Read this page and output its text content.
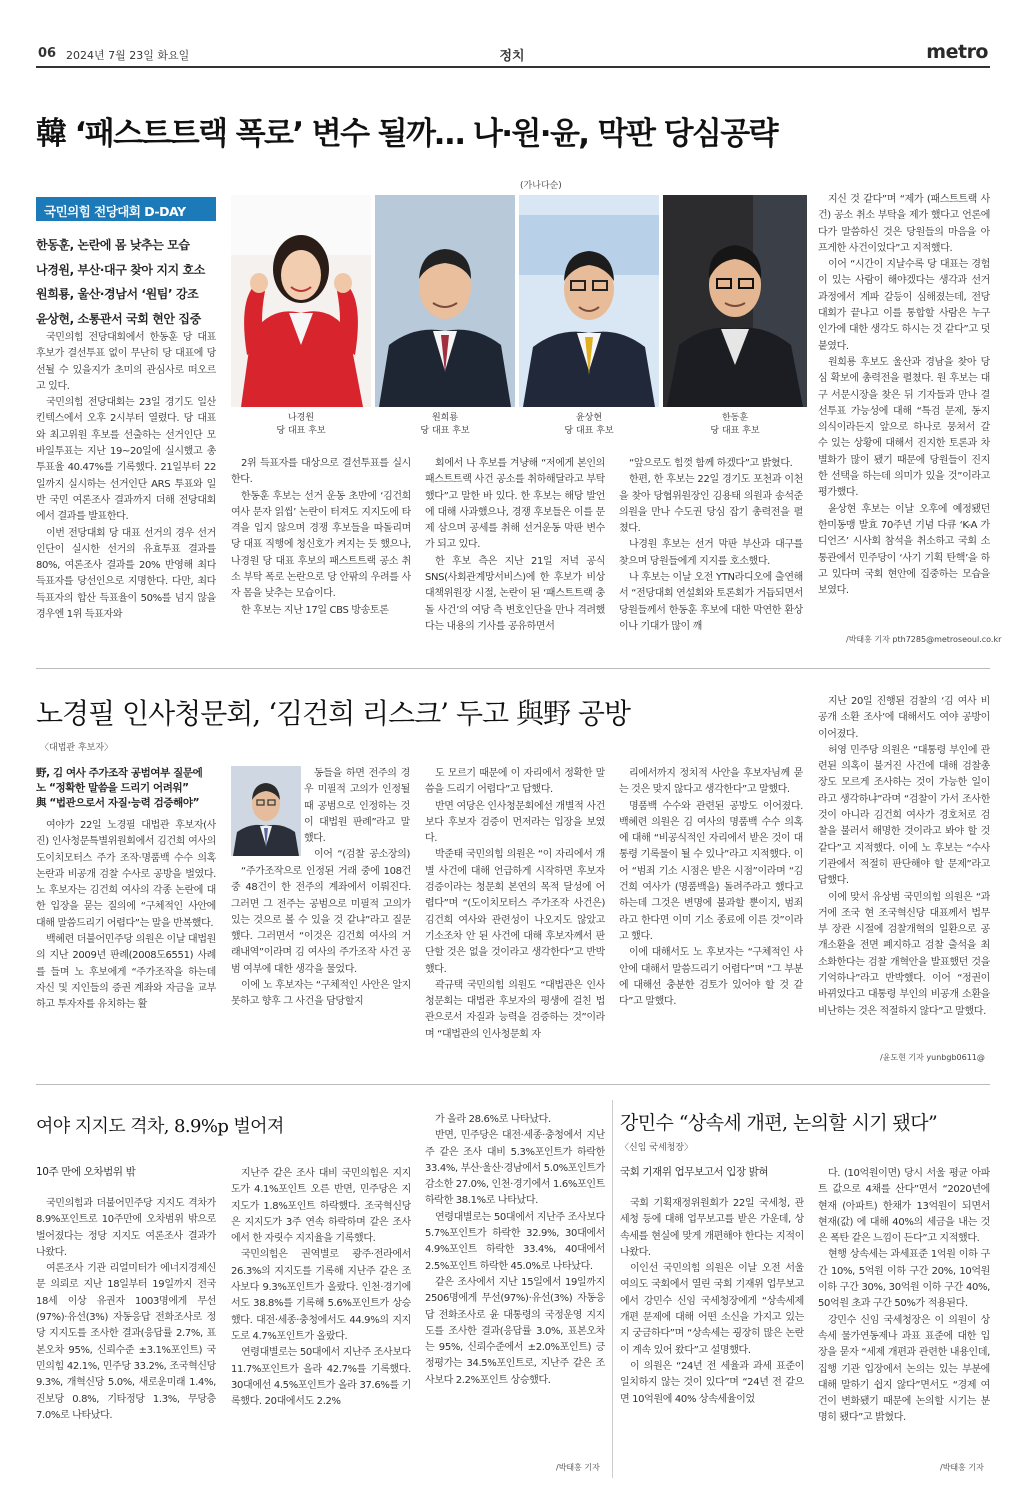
06 2024년 7월 23일 화요일	정치	metro
韓 ‘패스트트랙 폭로’ 변수 될까… 나·원·윤, 막판 당심공략
(가나다순)
국민의힘 전당대회 D-DAY
한동훈, 논란에 몸 낮추는 모습
나경원, 부산·대구 찾아 지지 호소
원희룡, 울산·경남서 ‘원팀’ 강조
윤상현, 소통관서 국회 현안 집중
나경원
당 대표 후보
원희룡
당 대표 후보
윤상현
당 대표 후보
한동훈
당 대표 후보

국민의힘 전당대회에서 한동훈 당 대표 후보가 결선투표 없이 무난히 당 대표에 당선될 수 있을지가 초미의 관심사로 떠오르고 있다.

국민의힘 전당대회는 23일 경기도 일산 킨텍스에서 오후 2시부터 열렸다. 당 대표와 최고위원 후보를 선출하는 선거인단 모바일투표는 지난 19~20일에 실시했고 총 투표율 40.47%를 기록했다. 21일부터 22일까지 실시하는 선거인단 ARS 투표와 일반 국민 여론조사 결과까지 더해 전당대회에서 결과를 발표한다.

이번 전당대회 당 대표 선거의 경우 선거인단이 실시한 선거의 유효투표 결과를 80%, 여론조사 결과를 20% 반영해 최다득표자를 당선인으로 지명한다. 다만, 최다득표자의 합산 득표율이 50%를 넘지 않을 경우엔 1위 득표자와

2위 득표자를 대상으로 결선투표를 실시한다.

한동훈 후보는 선거 운동 초반에 ‘김건희 여사 문자 읽씹’ 논란이 터져도 지지도에 타격을 입지 않으며 경쟁 후보들을 따돌리며 당 대표 직행에 청신호가 켜지는 듯 했으나, 나경원 당 대표 후보의 패스트트랙 공소 취소 부탁 폭로 논란으로 당 안팎의 우려를 사자 몸을 낮추는 모습이다.

한 후보는 지난 17일 CBS 방송토론

회에서 나 후보를 겨냥해 “저에게 본인의 패스트트랙 사건 공소를 취하해달라고 부탁했다”고 말한 바 있다. 한 후보는 해당 발언에 대해 사과했으나, 경쟁 후보들은 이를 문제 삼으며 공세를 취해 선거운동 막판 변수가 되고 있다.

한 후보 측은 지난 21일 저녁 공식 SNS(사회관계망서비스)에 한 후보가 비상대책위원장 시절, 논란이 된 ‘패스트트랙 충돌 사건’의 여당 측 변호인단을 만나 격려했다는 내용의 기사를 공유하면서

“앞으로도 힘껏 함께 하겠다”고 밝혔다.

한편, 한 후보는 22일 경기도 포천과 이천을 찾아 당협위원장인 김용태 의원과 송석준 의원을 만나 수도권 당심 잡기 총력전을 펼쳤다.

나경원 후보는 선거 막판 부산과 대구를 찾으며 당원들에게 지지를 호소했다.

나 후보는 이날 오전 YTN라디오에 출연해서 “전당대회 연설회와 토론회가 거듭되면서 당원들께서 한동훈 후보에 대한 막연한 환상이나 기대가 많이 깨

지신 것 같다”며 “제가 (패스트트랙 사건) 공소 취소 부탁을 제가 했다고 언론에다가 말씀하신 것은 당원들의 마음을 아프게한 사건이었다”고 지적했다.

이어 “시간이 지날수록 당 대표는 경험이 있는 사람이 해야겠다는 생각과 선거 과정에서 계파 갈등이 심해졌는데, 전당대회가 끝나고 이를 통합할 사람은 누구인가에 대한 생각도 하시는 것 같다”고 덧붙였다.

원희룡 후보도 울산과 경남을 찾아 당심 확보에 총력전을 펼쳤다. 원 후보는 대구 서문시장을 찾은 뒤 기자들과 만나 결선투표 가능성에 대해 “특검 문제, 동지 의식이라든지 앞으로 하나로 뭉쳐서 갈 수 있는 상황에 대해서 진지한 토론과 차별화가 많이 됐기 때문에 당원들이 진지한 선택을 하는데 의미가 있을 것”이라고 평가했다.

윤상현 후보는 이날 오후에 예정됐던 한미동맹 발효 70주년 기념 다큐 ‘K-A 가디언즈’ 시사회 참석을 취소하고 국회 소통관에서 민주당이 ‘사기 기획 탄핵’을 하고 있다며 국회 현안에 집중하는 모습을 보였다.

/박태홍 기자 pth7285@metroseoul.co.kr
노경필 인사청문회, ‘김건희 리스크’ 두고 與野 공방
〈대법관 후보자〉
野, 김 여사 주가조작 공범여부 질문에
노 “정확한 말씀을 드리기 어려워”
與 “법관으로서 자질·능력 검증해야”

여야가 22일 노경필 대법관 후보자(사진) 인사청문특별위원회에서 김건희 여사의 도이치모터스 주가 조작·명품백 수수 의혹 논란과 비공개 검찰 수사로 공방을 벌였다. 노 후보자는 김건희 여사의 각종 논란에 대한 입장을 묻는 질의에 “구체적인 사안에 대해 말씀드리기 어렵다”는 말을 반복했다.

백혜련 더불어민주당 의원은 이날 대법원의 지난 2009년 판례(2008도6551) 사례를 들며 노 후보에게 “주가조작을 하는데 자신 및 지인들의 증권 계좌와 자금을 교부하고 투자자를 유치하는 활

동들을 하면 전주의 경우 미필적 고의가 인정될 때 공범으로 인정하는 것이 대법원 판례”라고 말했다.

이어 “(검찰 공소장의)

“주가조작으로 인정된 거래 중에 108건 중 48건이 한 전주의 계좌에서 이뤄진다. 그러면 그 전주는 공범으로 미필적 고의가 있는 것으로 볼 수 있을 것 같냐”라고 질문했다. 그러면서 “이것은 김건희 여사의 거래내역”이라며 김 여사의 주가조작 사건 공범 여부에 대한 생각을 물었다.

이에 노 후보자는 “구체적인 사안은 알지 못하고 향후 그 사건을 담당할지

도 모르기 때문에 이 자리에서 정확한 말씀을 드리기 어렵다”고 답했다.

반면 여당은 인사청문회에선 개별적 사건보다 후보자 검증이 먼저라는 입장을 보였다.

박준태 국민의힘 의원은 “이 자리에서 개별 사건에 대해 언급하게 시작하면 후보자 검증이라는 청문회 본연의 목적 달성에 어렵다”며 “(도이치모터스 주가조작 사건은) 김건희 여사와 관련성이 나오지도 않았고 기소조차 안 된 사건에 대해 후보자께서 판단할 것은 없을 것이라고 생각한다”고 반박했다.

곽규택 국민의힘 의원도 “대법관은 인사청문회는 대법관 후보자의 평생에 걸친 법관으로서 자질과 능력을 검증하는 것”이라며 “대법관의 인사청문회 자

리에서까지 정치적 사안을 후보자님께 묻는 것은 맞지 않다고 생각한다”고 말했다.

명품백 수수와 관련된 공방도 이어졌다. 백혜련 의원은 김 여사의 명품백 수수 의혹에 대해 “비공식적인 자리에서 받은 것이 대통령 기록물이 될 수 있나”라고 지적했다. 이어 “범죄 기소 시점은 받은 시점”이라며 “김건희 여사가 (명품백을) 돌려주라고 했다고 하는데 그것은 변명에 불과할 뿐이지, 범죄라고 한다면 이미 기소 종료에 이른 것”이라고 했다.

이에 대해서도 노 후보자는 “구체적인 사안에 대해서 말씀드리기 어렵다”며 “그 부분에 대해선 충분한 검토가 있어야 할 것 같다”고 말했다.

지난 20일 진행된 검찰의 ‘김 여사 비공개 소환 조사’에 대해서도 여야 공방이 이어졌다.

허영 민주당 의원은 “대통령 부인에 관련된 의혹이 불거진 사건에 대해 검찰총장도 모르게 조사하는 것이 가능한 일이라고 생각하냐”라며 “검찰이 가서 조사한 것이 아니라 김건희 여사가 경호처로 검찰을 불러서 해명한 것이라고 봐야 할 것 같다”고 지적했다. 이에 노 후보는 “수사 기관에서 적절히 판단해야 할 문제”라고 답했다.

이에 맞서 유상범 국민의힘 의원은 “과거에 조국 현 조국혁신당 대표께서 법무부 장관 시절에 검찰개혁의 일환으로 공개소환을 전면 폐지하고 검찰 출석을 최소화한다는 검찰 개혁안을 발표했던 것을 기억하나”라고 반박했다. 이어 “정권이 바뀌었다고 대통령 부인의 비공개 소환을 비난하는 것은 적절하지 않다”고 말했다.

/윤도현 기자 yunbgb0611@
여야 지지도 격차, 8.9%p 벌어져
10주 만에 오차범위 밖

국민의힘과 더불어민주당 지지도 격차가 8.9%포인트로 10주만에 오차범위 밖으로 벌어졌다는 정당 지지도 여론조사 결과가 나왔다.

여론조사 기관 리얼미터가 에너지경제신문 의뢰로 지난 18일부터 19일까지 전국 18세 이상 유권자 1003명에게 무선(97%)·유선(3%) 자동응답 전화조사로 정당 지지도를 조사한 결과(응답률 2.7%, 표본오차 95%, 신뢰수준 ±3.1%포인트) 국민의힘 42.1%, 민주당 33.2%, 조국혁신당 9.3%, 개혁신당 5.0%, 새로운미래 1.4%, 진보당 0.8%, 기타정당 1.3%, 무당층 7.0%로 나타났다.

지난주 같은 조사 대비 국민의힘은 지지도가 4.1%포인트 오른 반면, 민주당은 지지도가 1.8%포인트 하락했다. 조국혁신당은 지지도가 3주 연속 하락하며 같은 조사에서 한 자릿수 지지율을 기록했다.

국민의힘은 권역별로 광주·전라에서 26.3%의 지지도를 기록해 지난주 같은 조사보다 9.3%포인트가 올랐다. 인천·경기에서도 38.8%를 기록해 5.6%포인트가 상승했다. 대전·세종·충청에서도 44.9%의 지지도로 4.7%포인트가 올랐다.

연령대별로는 50대에서 지난주 조사보다 11.7%포인트가 올라 42.7%를 기록했다. 30대에선 4.5%포인트가 올라 37.6%를 기록했다. 20대에서도 2.2%

가 올라 28.6%로 나타났다.

반면, 민주당은 대전·세종·충청에서 지난주 같은 조사 대비 5.3%포인트가 하락한 33.4%, 부산·울산·경남에서 5.0%포인트가 감소한 27.0%, 인천·경기에서 1.6%포인트 하락한 38.1%로 나타났다.

연령대별로는 50대에서 지난주 조사보다 5.7%포인트가 하락한 32.9%, 30대에서 4.9%포인트 하락한 33.4%, 40대에서 2.5%포인트 하락한 45.0%로 나타났다.

같은 조사에서 지난 15일에서 19일까지 2506명에게 무선(97%)·유선(3%) 자동응답 전화조사로 윤 대통령의 국정운영 지지도를 조사한 결과(응답률 3.0%, 표본오차는 95%, 신뢰수준에서 ±2.0%포인트) 긍정평가는 34.5%포인트로, 지난주 같은 조사보다 2.2%포인트 상승했다.

/박태홍 기자
강민수 “상속세 개편, 논의할 시기 됐다”
〈신임 국세청장〉
국회 기재위 업무보고서 입장 밝혀

국회 기획재정위원회가 22일 국세청, 관세청 등에 대해 업무보고를 받은 가운데, 상속세를 현실에 맞게 개편해야 한다는 지적이 나왔다.

이인선 국민의힘 의원은 이날 오전 서울 여의도 국회에서 열린 국회 기재위 업무보고에서 강민수 신임 국세청장에게 “상속세제 개편 문제에 대해 어떤 소신을 가지고 있는지 궁금하다”며 “상속세는 굉장히 많은 논란이 계속 있어 왔다”고 설명했다.

이 의원은 “24년 전 세율과 과세 표준이 일치하지 않는 것이 있다”며 “24년 전 같으면 10억원에 40% 상속세율이었

다. (10억원이면) 당시 서울 평균 아파트 값으로 4채를 산다”면서 “2020년에 현재 (아파트) 한채가 13억원이 되면서 현재(값) 에 대해 40%의 세금을 내는 것은 폭탄 같은 느낌이 든다”고 지적했다.

현행 상속세는 과세표준 1억원 이하 구간 10%, 5억원 이하 구간 20%, 10억원 이하 구간 30%, 30억원 이하 구간 40%, 50억원 초과 구간 50%가 적용된다.

강민수 신임 국세청장은 이 의원이 상속세 물가연동제나 과표 표준에 대한 입장을 묻자 “세제 개편과 관련한 내용인데, 집행 기관 입장에서 논의는 있는 부분에 대해 말하기 쉽지 않다”면서도 “경제 여건이 변화됐기 때문에 논의할 시기는 분명히 됐다”고 밝혔다.

/박태홍 기자
